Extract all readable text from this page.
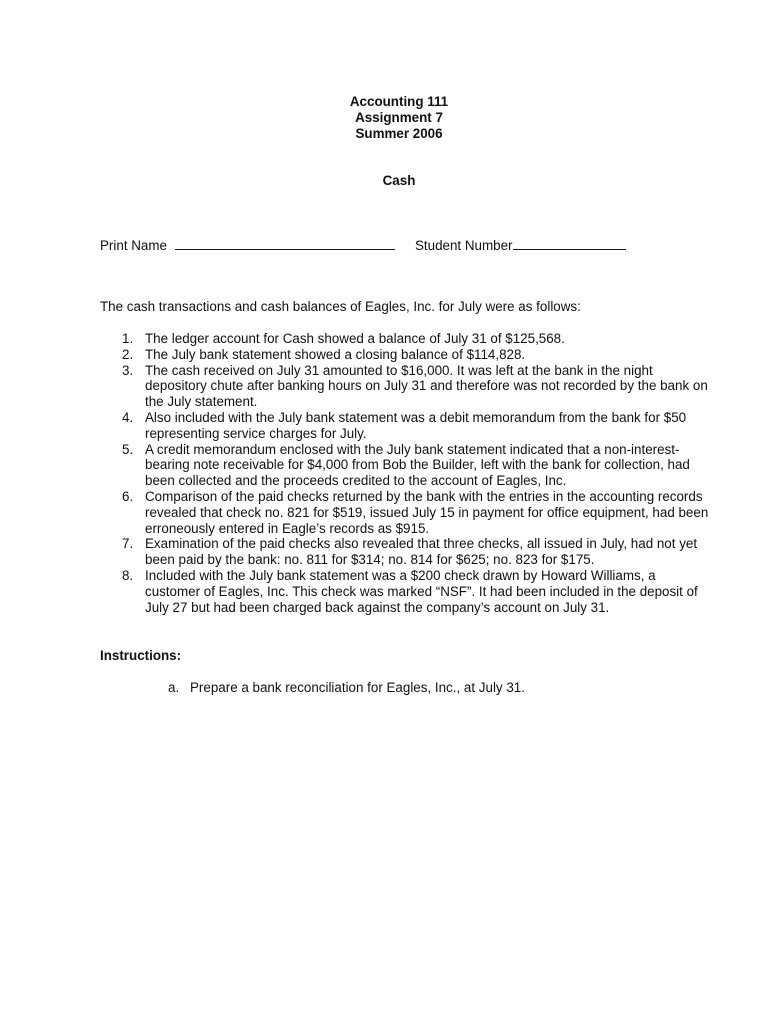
Accounting 111
Assignment 7
Summer 2006
Cash
Print Name	Student Number
The cash transactions and cash balances of Eagles, Inc. for July were as follows:
1. The ledger account for Cash showed a balance of July 31 of $125,568.
2. The July bank statement showed a closing balance of $114,828.
3. The cash received on July 31 amounted to $16,000. It was left at the bank in the night depository chute after banking hours on July 31 and therefore was not recorded by the bank on the July statement.
4. Also included with the July bank statement was a debit memorandum from the bank for $50 representing service charges for July.
5. A credit memorandum enclosed with the July bank statement indicated that a non-interest-bearing note receivable for $4,000 from Bob the Builder, left with the bank for collection, had been collected and the proceeds credited to the account of Eagles, Inc.
6. Comparison of the paid checks returned by the bank with the entries in the accounting records revealed that check no. 821 for $519, issued July 15 in payment for office equipment, had been erroneously entered in Eagle’s records as $915.
7. Examination of the paid checks also revealed that three checks, all issued in July, had not yet been paid by the bank: no. 811 for $314; no. 814 for $625; no. 823 for $175.
8. Included with the July bank statement was a $200 check drawn by Howard Williams, a customer of Eagles, Inc. This check was marked “NSF”. It had been included in the deposit of July 27 but had been charged back against the company’s account on July 31.
Instructions:
a. Prepare a bank reconciliation for Eagles, Inc., at July 31.
